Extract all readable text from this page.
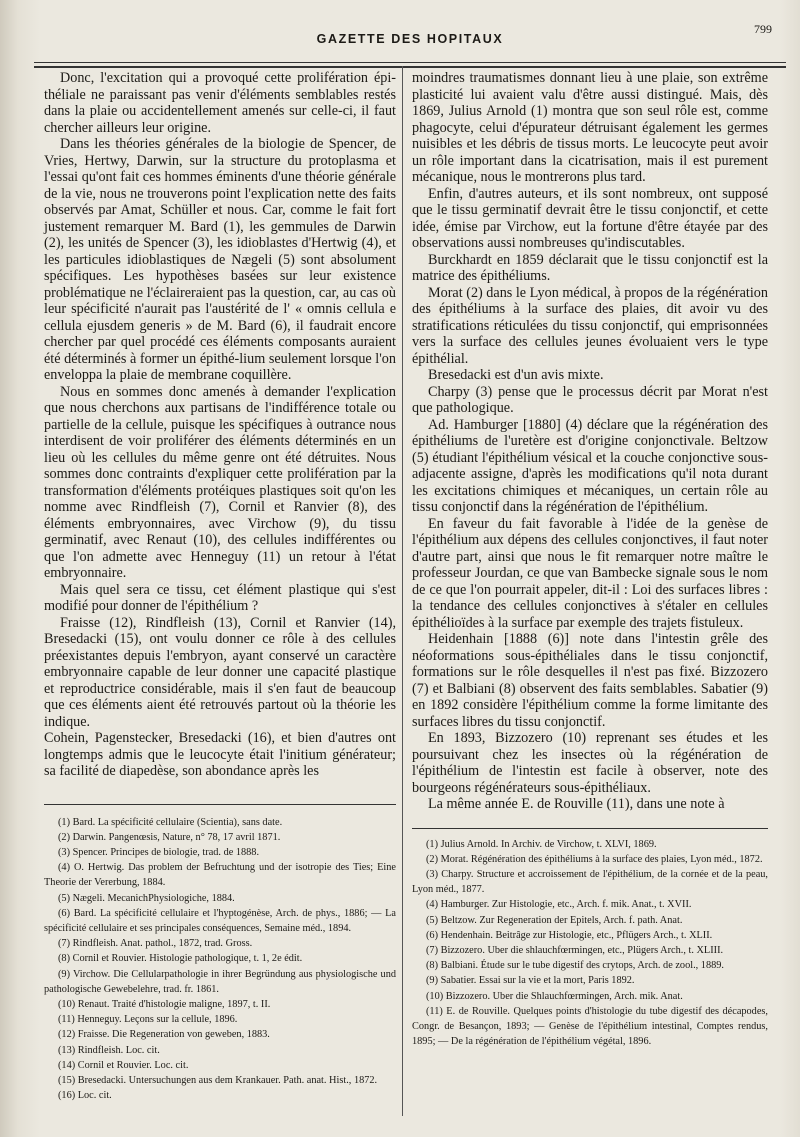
GAZETTE DES HOPITAUX
799

Donc, l'excitation qui a provoqué cette prolifération épi-théliale ne paraissant pas venir d'éléments semblables restés dans la plaie ou accidentellement amenés sur celle-ci, il faut chercher ailleurs leur origine.

Dans les théories générales de la biologie de Spencer, de Vries, Hertwy, Darwin, sur la structure du protoplasma et l'essai qu'ont fait ces hommes éminents d'une théorie générale de la vie, nous ne trouverons point l'explication nette des faits observés par Amat, Schüller et nous. Car, comme le fait fort justement remarquer M. Bard (1), les gemmules de Darwin (2), les unités de Spencer (3), les idioblastes d'Hertwig (4), et les particules idioblastiques de Nægeli (5) sont absolument spécifiques. Les hypothèses basées sur leur existence problématique ne l'éclaireraient pas la question, car, au cas où leur spécificité n'aurait pas l'austérité de l' « omnis cellula e cellula ejusdem generis » de M. Bard (6), il faudrait encore chercher par quel procédé ces éléments composants auraient été déterminés à former un épithé-lium seulement lorsque l'on enveloppa la plaie de membrane coquillère.

Nous en sommes donc amenés à demander l'explication que nous cherchons aux partisans de l'indifférence totale ou partielle de la cellule, puisque les spécifiques à outrance nous interdisent de voir proliférer des éléments déterminés en un lieu où les cellules du même genre ont été détruites. Nous sommes donc contraints d'expliquer cette prolifération par la transformation d'éléments protéiques plastiques soit qu'on les nomme avec Rindfleish (7), Cornil et Ranvier (8), des éléments embryonnaires, avec Virchow (9), du tissu germinatif, avec Renaut (10), des cellules indifférentes ou que l'on admette avec Henneguy (11) un retour à l'état embryonnaire.

Mais quel sera ce tissu, cet élément plastique qui s'est modifié pour donner de l'épithélium ?

Fraisse (12), Rindfleish (13), Cornil et Ranvier (14), Bresedacki (15), ont voulu donner ce rôle à des cellules préexistantes depuis l'embryon, ayant conservé un caractère embryonnaire capable de leur donner une capacité plastique et reproductrice considérable, mais il s'en faut de beaucoup que ces éléments aient été retrouvés partout où la théorie les indique.

Cohein, Pagenstecker, Bresedacki (16), et bien d'autres ont longtemps admis que le leucocyte était l'initium générateur; sa facilité de diapedèse, son abondance après les

(1) Bard. La spécificité cellulaire (Scientia), sans date.
(2) Darwin. Pangenœsis, Nature, n° 78, 17 avril 1871.
(3) Spencer. Principes de biologie, trad. de 1888.
(4) O. Hertwig. Das problem der Befruchtung und der isotropie des Ties; Eine Theorie der Vererbung, 1884.
(5) Nægeli. MecanichPhysiologiche, 1884.
(6) Bard. La spécificité cellulaire et l'hyptogénèse, Arch. de phys., 1886; — La spécificité cellulaire et ses principales conséquences, Semaine méd., 1894.
(7) Rindfleish. Anat. pathol., 1872, trad. Gross.
(8) Cornil et Rouvier. Histologie pathologique, t. 1, 2e édit.
(9) Virchow. Die Cellularpathologie in ihrer Begründung aus physiologische und pathologische Gewebelehre, trad. fr. 1861.
(10) Renaut. Traité d'histologie maligne, 1897, t. II.
(11) Henneguy. Leçons sur la cellule, 1896.
(12) Fraisse. Die Regeneration von geweben, 1883.
(13) Rindfleish. Loc. cit.
(14) Cornil et Rouvier. Loc. cit.
(15) Bresedacki. Untersuchungen aus dem Krankauer. Path. anat. Hist., 1872.
(16) Loc. cit.

moindres traumatismes donnant lieu à une plaie, son extrême plasticité lui avaient valu d'être aussi distingué. Mais, dès 1869, Julius Arnold (1) montra que son seul rôle est, comme phagocyte, celui d'épurateur détruisant également les germes nuisibles et les débris de tissus morts. Le leucocyte peut avoir un rôle important dans la cicatrisation, mais il est purement mécanique, nous le montrerons plus tard.

Enfin, d'autres auteurs, et ils sont nombreux, ont supposé que le tissu germinatif devrait être le tissu conjonctif, et cette idée, émise par Virchow, eut la fortune d'être étayée par des observations aussi nombreuses qu'indiscutables.

Burckhardt en 1859 déclarait que le tissu conjonctif est la matrice des épithéliums.

Morat (2) dans le Lyon médical, à propos de la régénération des épithéliums à la surface des plaies, dit avoir vu des stratifications réticulées du tissu conjonctif, qui emprisonnées vers la surface des cellules jeunes évoluaient vers le type épithélial.

Bresedacki est d'un avis mixte.

Charpy (3) pense que le processus décrit par Morat n'est que pathologique.

Ad. Hamburger [1880] (4) déclare que la régénération des épithéliums de l'uretère est d'origine conjonctivale. Beltzow (5) étudiant l'épithélium vésical et la couche conjonctive sous-adjacente assigne, d'après les modifications qu'il nota durant les excitations chimiques et mécaniques, un certain rôle au tissu conjonctif dans la régénération de l'épithélium.

En faveur du fait favorable à l'idée de la genèse de l'épithélium aux dépens des cellules conjonctives, il faut noter d'autre part, ainsi que nous le fit remarquer notre maître le professeur Jourdan, ce que van Bambecke signale sous le nom de ce que l'on pourrait appeler, dit-il : Loi des surfaces libres : la tendance des cellules conjonctives à s'étaler en cellules épithélioïdes à la surface par exemple des trajets fistuleux.

Heidenhain [1888 (6)] note dans l'intestin grêle des néoformations sous-épithéliales dans le tissu conjonctif, formations sur le rôle desquelles il n'est pas fixé. Bizzozero (7) et Balbiani (8) observent des faits semblables. Sabatier (9) en 1892 considère l'épithélium comme la forme limitante des surfaces libres du tissu conjonctif.

En 1893, Bizzozero (10) reprenant ses études et les poursuivant chez les insectes où la régénération de l'épithélium de l'intestin est facile à observer, note des bourgeons régénérateurs sous-épithéliaux.

La même année E. de Rouville (11), dans une note à

(1) Julius Arnold. In Archiv. de Virchow, t. XLVI, 1869.
(2) Morat. Régénération des épithéliums à la surface des plaies, Lyon méd., 1872.
(3) Charpy. Structure et accroissement de l'épithélium, de la cornée et de la peau, Lyon méd., 1877.
(4) Hamburger. Zur Histologie, etc., Arch. f. mik. Anat., t. XVII.
(5) Beltzow. Zur Regeneration der Epitels, Arch. f. path. Anat.
(6) Hendenhain. Beitrâge zur Histologie, etc., Pflügers Arch., t. XLII.
(7) Bizzozero. Uber die shlauchfœrmingen, etc., Plügers Arch., t. XLIII.
(8) Balbiani. Étude sur le tube digestif des crytops, Arch. de zool., 1889.
(9) Sabatier. Essai sur la vie et la mort, Paris 1892.
(10) Bizzozero. Uber die Shlauchfœrmingen, Arch. mik. Anat.
(11) E. de Rouville. Quelques points d'histologie du tube digestif des décapodes, Congr. de Besançon, 1893; — Genèse de l'épithélium intestinal, Comptes rendus, 1895; — De la régénération de l'épithélium végétal, 1896.
